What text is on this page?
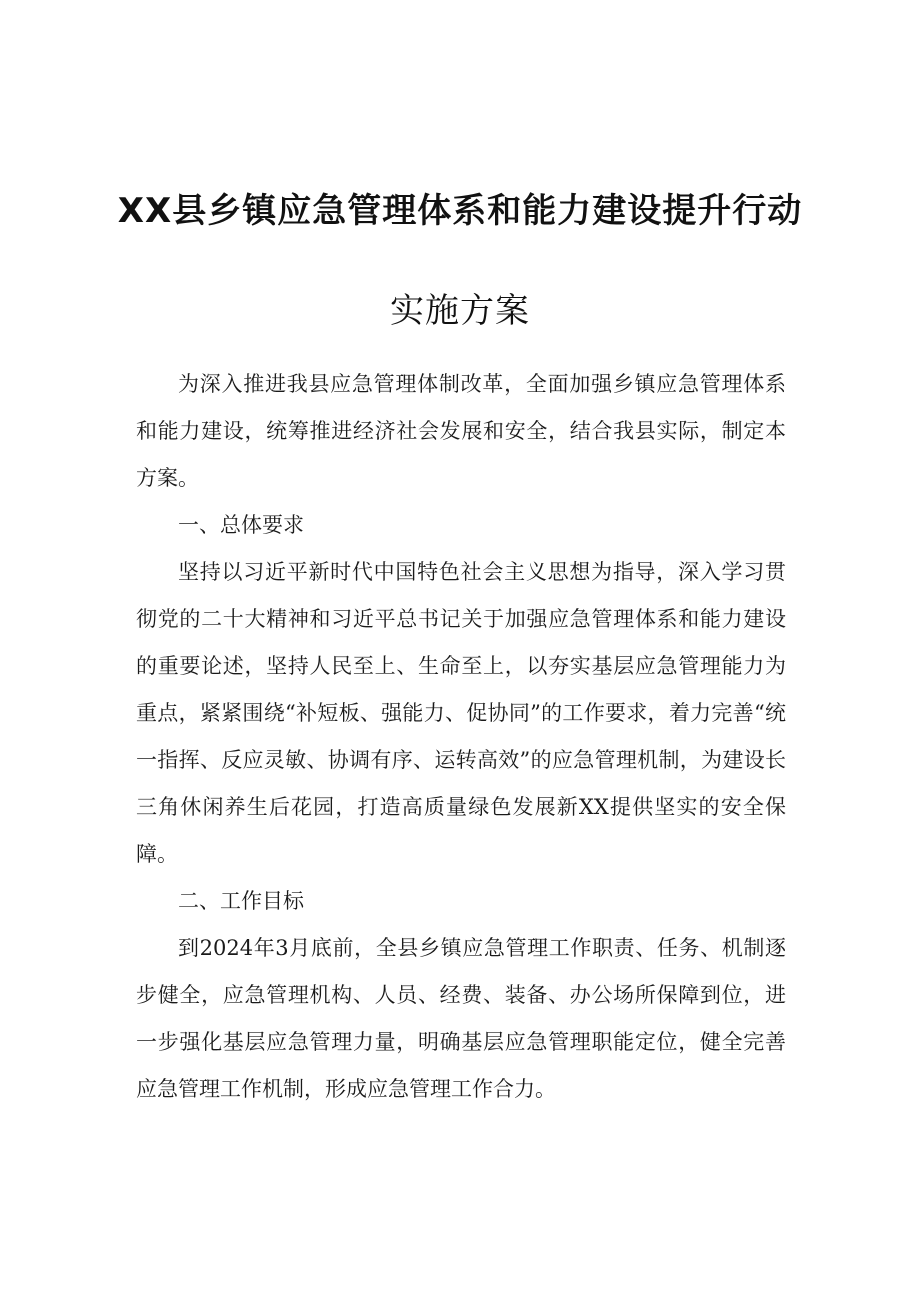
XX县乡镇应急管理体系和能力建设提升行动
实施方案

为深入推进我县应急管理体制改革，全面加强乡镇应急管理体系和能力建设，统筹推进经济社会发展和安全，结合我县实际，制定本方案。

一、总体要求

坚持以习近平新时代中国特色社会主义思想为指导，深入学习贯彻党的二十大精神和习近平总书记关于加强应急管理体系和能力建设的重要论述，坚持人民至上、生命至上，以夯实基层应急管理能力为重点，紧紧围绕“补短板、强能力、促协同”的工作要求，着力完善“统一指挥、反应灵敏、协调有序、运转高效”的应急管理机制，为建设长三角休闲养生后花园，打造高质量绿色发展新XX提供坚实的安全保障。

二、工作目标

到2024年3月底前，全县乡镇应急管理工作职责、任务、机制逐步健全，应急管理机构、人员、经费、装备、办公场所保障到位，进一步强化基层应急管理力量，明确基层应急管理职能定位，健全完善应急管理工作机制，形成应急管理工作合力。
